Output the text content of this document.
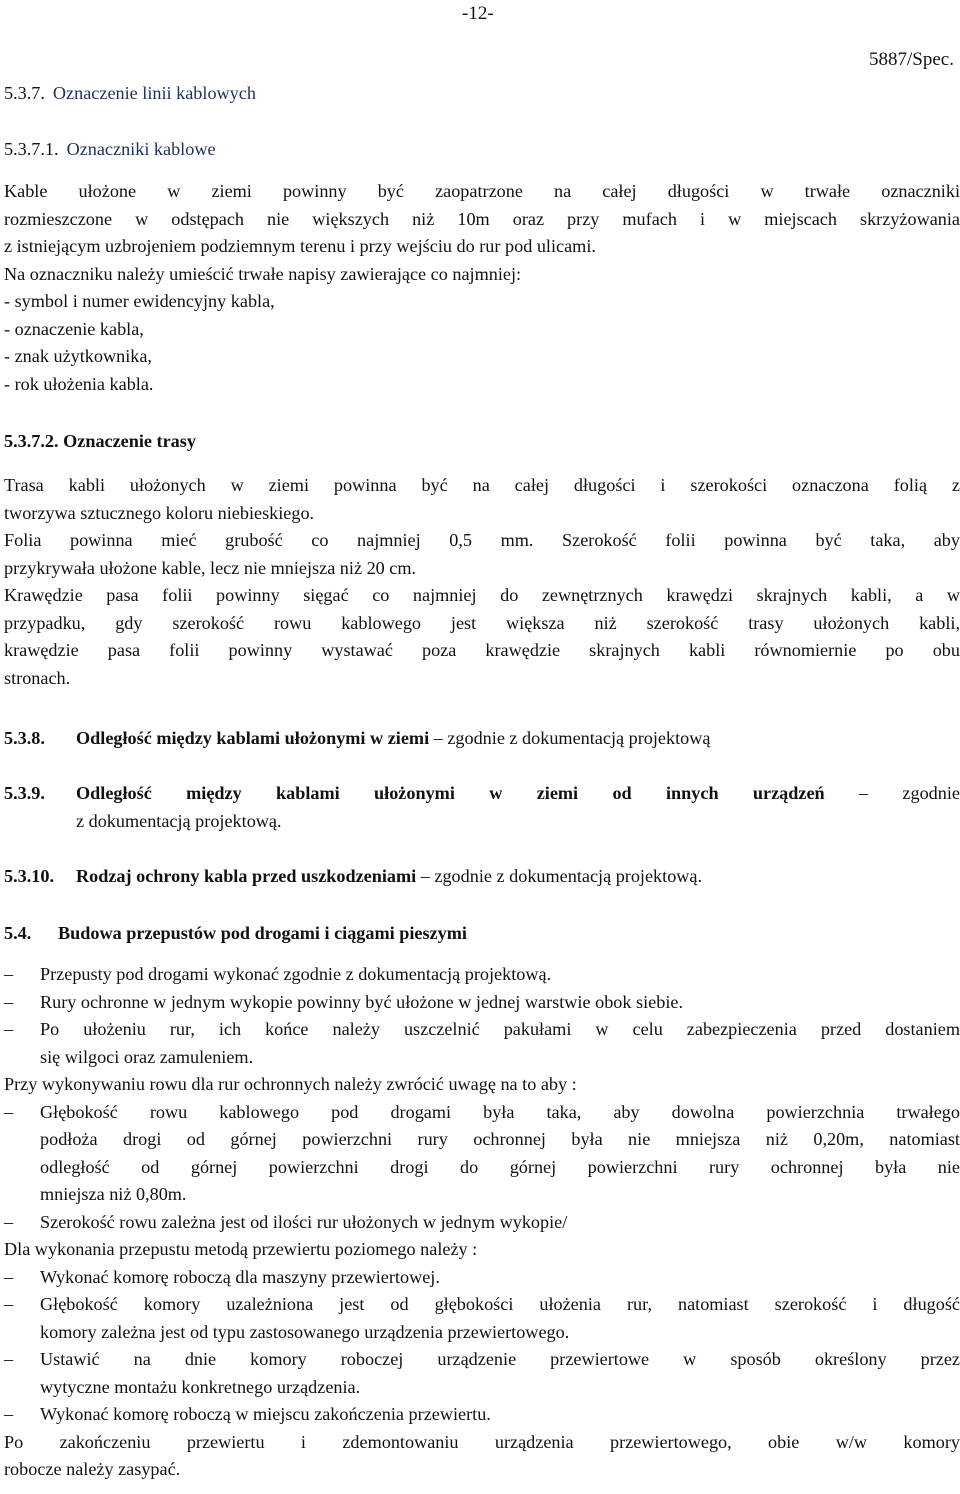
-12-
5887/Spec.
5.3.7. Oznaczenie linii kablowych
5.3.7.1. Oznaczniki kablowe
Kable ułożone w ziemi powinny być zaopatrzone na całej długości w trwałe oznaczniki
rozmieszczone w odstępach nie większych niż 10m oraz przy mufach i w miejscach skrzyżowania
z istniejącym uzbrojeniem podziemnym terenu i przy wejściu do rur pod ulicami.
Na oznaczniku należy umieścić trwałe napisy zawierające co najmniej:
- symbol i numer ewidencyjny kabla,
- oznaczenie kabla,
- znak użytkownika,
- rok ułożenia kabla.
5.3.7.2. Oznaczenie trasy
Trasa kabli ułożonych w ziemi powinna być na całej długości i szerokości oznaczona folią z
tworzywa sztucznego koloru niebieskiego.
Folia powinna mieć grubość co najmniej 0,5 mm. Szerokość folii powinna być taka, aby
przykrywała ułożone kable, lecz nie mniejsza niż 20 cm.
Krawędzie pasa folii powinny sięgać co najmniej do zewnętrznych krawędzi skrajnych kabli, a w
przypadku, gdy szerokość rowu kablowego jest większa niż szerokość trasy ułożonych kabli,
krawędzie pasa folii powinny wystawać poza krawędzie skrajnych kabli równomiernie po obu
stronach.
5.3.8. Odległość między kablami ułożonymi w ziemi – zgodnie z dokumentacją projektową
5.3.9.	Odległość między kablami ułożonymi w ziemi od innych urządzeń – zgodnie
z dokumentacją projektową.
5.3.10. Rodzaj ochrony kabla przed uszkodzeniami – zgodnie z dokumentacją projektową.
5.4. Budowa przepustów pod drogami i ciągami pieszymi
– Przepusty pod drogami wykonać zgodnie z dokumentacją projektową.
– Rury ochronne w jednym wykopie powinny być ułożone w jednej warstwie obok siebie.
– Po ułożeniu rur, ich końce należy uszczelnić pakułami w celu zabezpieczenia przed dostaniem
się wilgoci oraz zamuleniem.
Przy wykonywaniu rowu dla rur ochronnych należy zwrócić uwagę na to aby :
– Głębokość rowu kablowego pod drogami była taka, aby dowolna powierzchnia trwałego
podłoża drogi od górnej powierzchni rury ochronnej była nie mniejsza niż 0,20m, natomiast
odległość od górnej powierzchni drogi do górnej powierzchni rury ochronnej była nie
mniejsza niż 0,80m.
– Szerokość rowu zależna jest od ilości rur ułożonych w jednym wykopie/
Dla wykonania przepustu metodą przewiertu poziomego należy :
– Wykonać komorę roboczą dla maszyny przewiertowej.
– Głębokość komory uzależniona jest od głębokości ułożenia rur, natomiast szerokość i długość
komory zależna jest od typu zastosowanego urządzenia przewiertowego.
– Ustawić na dnie komory roboczej urządzenie przewiertowe w sposób określony przez
wytyczne montażu konkretnego urządzenia.
– Wykonać komorę roboczą w miejscu zakończenia przewiertu.
Po zakończeniu przewiertu i zdemontowaniu urządzenia przewiertowego, obie w/w komory
robocze należy zasypać.
